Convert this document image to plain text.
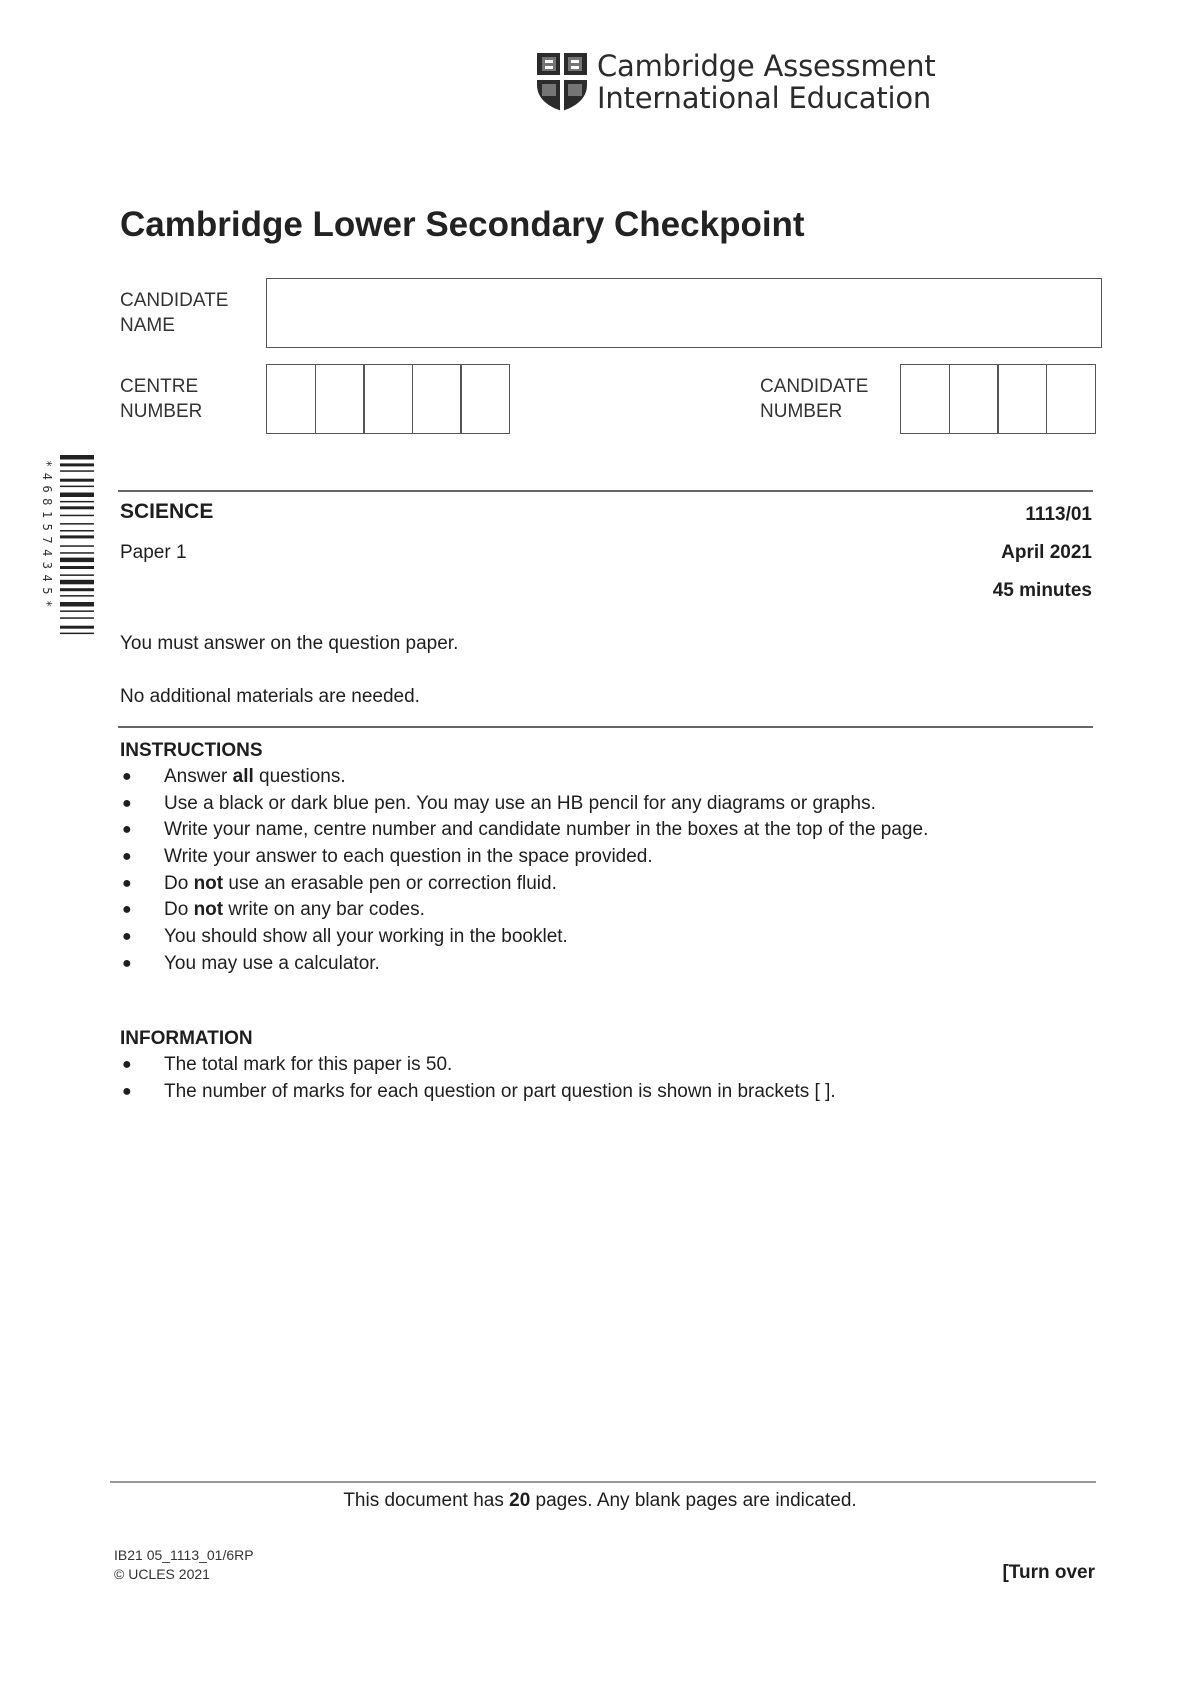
Cambridge Assessment
International Education
Cambridge Lower Secondary Checkpoint
CANDIDATE
NAME
CENTRE
NUMBER
CANDIDATE
NUMBER
*4681574345*	SCIENCE
Paper 1
1113/01
April 2021
45 minutes
You must answer on the question paper.
No additional materials are needed.
INSTRUCTIONS
●	Answer all questions.
●	Use a black or dark blue pen. You may use an HB pencil for any diagrams or graphs.
●	Write your name, centre number and candidate number in the boxes at the top of the page.
●	Write your answer to each question in the space provided.
●	Do not use an erasable pen or correction fluid.
●	Do not write on any bar codes.
●	You should show all your working in the booklet.
●	You may use a calculator.
INFORMATION
●	The total mark for this paper is 50.
●	The number of marks for each question or part question is shown in brackets [ ].
This document has 20 pages. Any blank pages are indicated.
IB21 05_1113_01/6RP
© UCLES 2021	[Turn over
